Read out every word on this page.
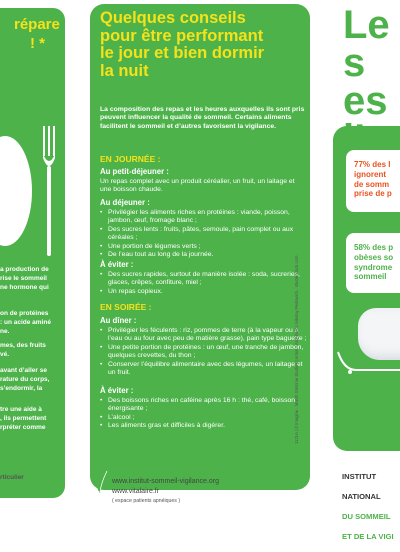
répare
! *
a production de
rise le sommeil
ne hormone qui
on de protéines
: un acide aminé
ne.
mes, des fruits
vé.
avant d’aller se
rature du corps,
s’endormir, la
tre une aide à
, ils permettent
rpréter comme
rticulier
Quelques conseils
pour être performant
le jour et bien dormir
la nuit
La composition des repas et les heures auxquelles ils sont pris peuvent influencer la qualité de sommeil. Certains aliments facilitent le sommeil et d’autres favorisent la vigilance.
EN JOURNÉE :
Au petit-déjeuner :
Un repas complet avec un produit céréalier, un fruit, un laitage et une boisson chaude.
Au déjeuner :
• Privilégier les aliments riches en protéines : viande, poisson, jambon, œuf, fromage blanc ;
• Des sucres lents : fruits, pâtes, semoule, pain complet ou aux céréales ;
• Une portion de légumes verts ;
• De l’eau tout au long de la journée.
À éviter :
• Des sucres rapides, surtout de manière isolée : soda, sucreries, glaces, crêpes, confiture, miel ;
• Un repas copieux.
EN SOIRÉE :
Au dîner :
• Privilégier les féculents : riz, pommes de terre (à la vapeur ou à l’eau ou au four avec peu de matière grasse), pain type baguette ;
• Une petite portion de protéines : un œuf, une tranche de jambon, quelques crevettes, du thon ;
• Conserver l’équilibre alimentaire avec des légumes, un laitage et un fruit.
À éviter :
• Des boissons riches en caféine après 16 h : thé, café, boisson énergisante ;
• L’alcool ;
• Les aliments gras et difficiles à digérer.
POUR EN SAVOIR +
www.institut-sommeil-vigilance.org
www.vitalaire.fr
( espace patients apnéiques )
Le s
es

77% des l
ignorent
de somm
prise de p
58% des p
obèses so
syndrome
sommeil

INSTITUT

NATIONAL

DU SOMMEIL

ET DE LA VIGI
